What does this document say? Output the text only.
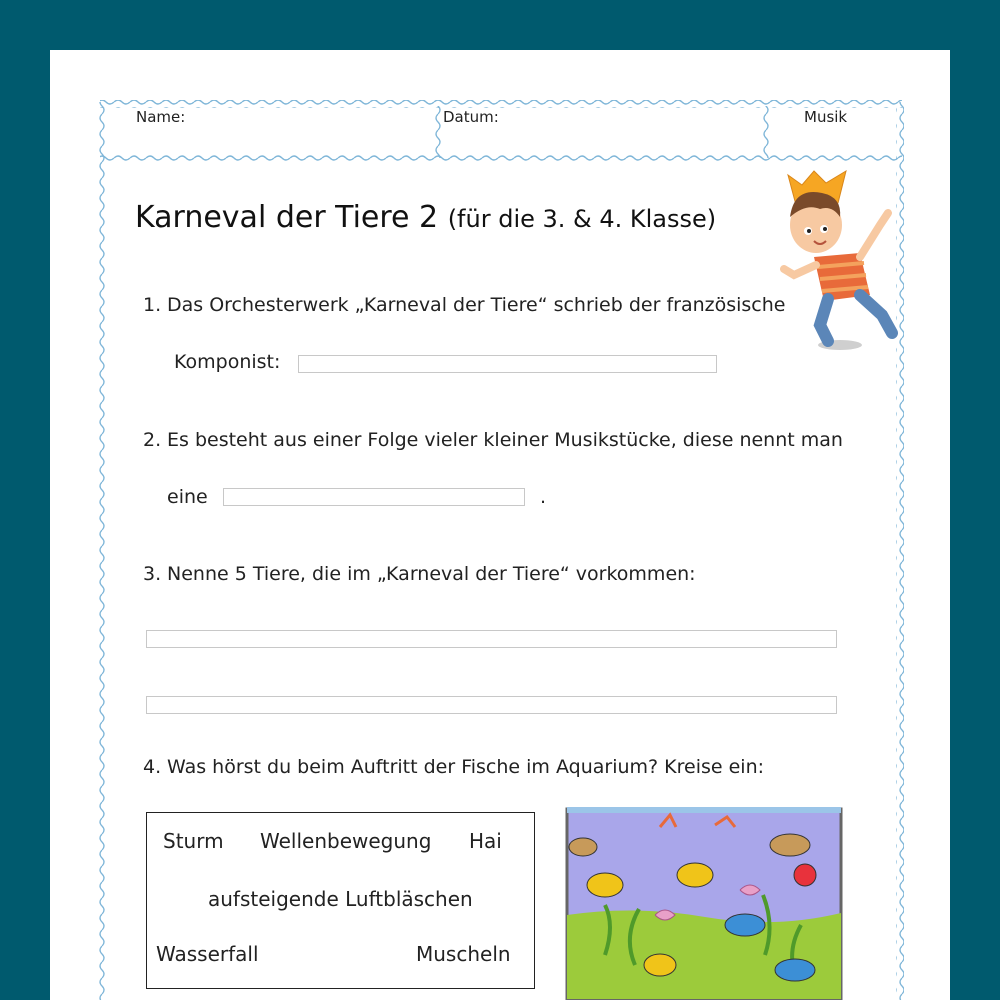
Name:	Datum:	Musik
Karneval der Tiere 2 (für die 3. & 4. Klasse)
1. Das Orchesterwerk „Karneval der Tiere“ schrieb der französische
Komponist:
2. Es besteht aus einer Folge vieler kleiner Musikstücke, diese nennt man
eine	.
3. Nenne 5 Tiere, die im „Karneval der Tiere“ vorkommen:
4. Was hörst du beim Auftritt der Fische im Aquarium? Kreise ein:
Sturm Wellenbewegung Hai
aufsteigende Luftbläschen
Wasserfall	Muscheln
